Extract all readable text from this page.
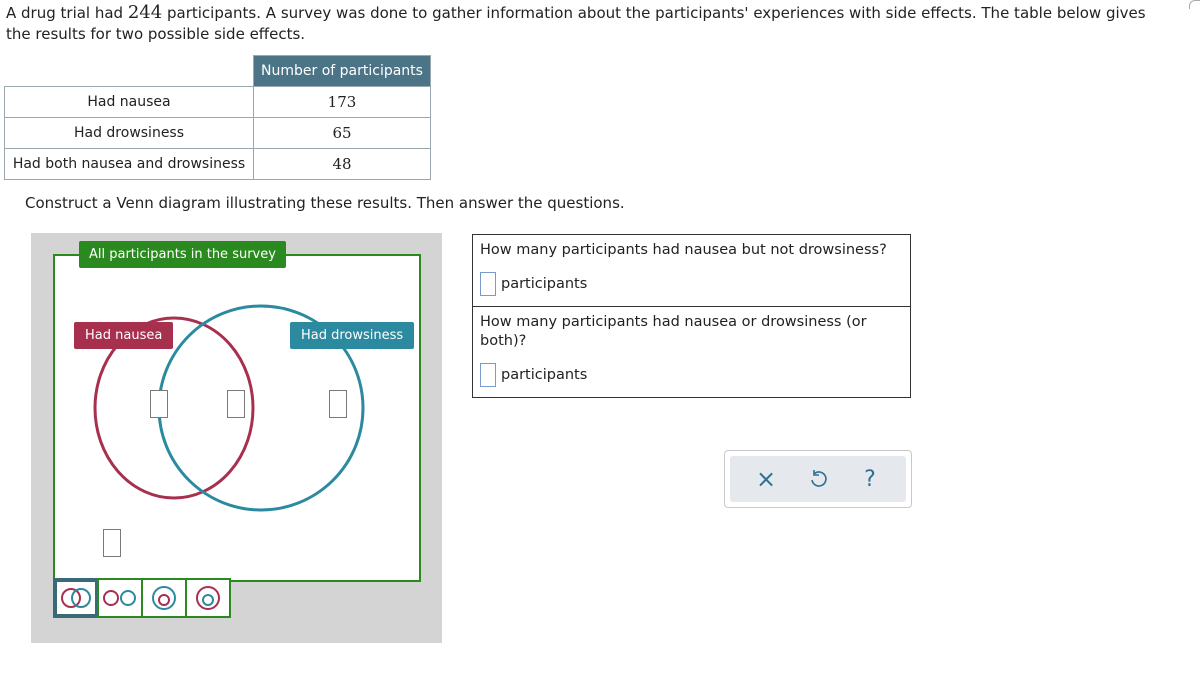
A drug trial had 244 participants. A survey was done to gather information about the participants' experiences with side effects. The table below gives the results for two possible side effects.
	Number of participants
Had nausea	173
Had drowsiness	65
Had both nausea and drowsiness	48
Construct a Venn diagram illustrating these results. Then answer the questions.
All participants in the survey
Had nausea	Had drowsiness
How many participants had nausea but not drowsiness?
participants
How many participants had nausea or drowsiness (or both)?
participants
×	?
